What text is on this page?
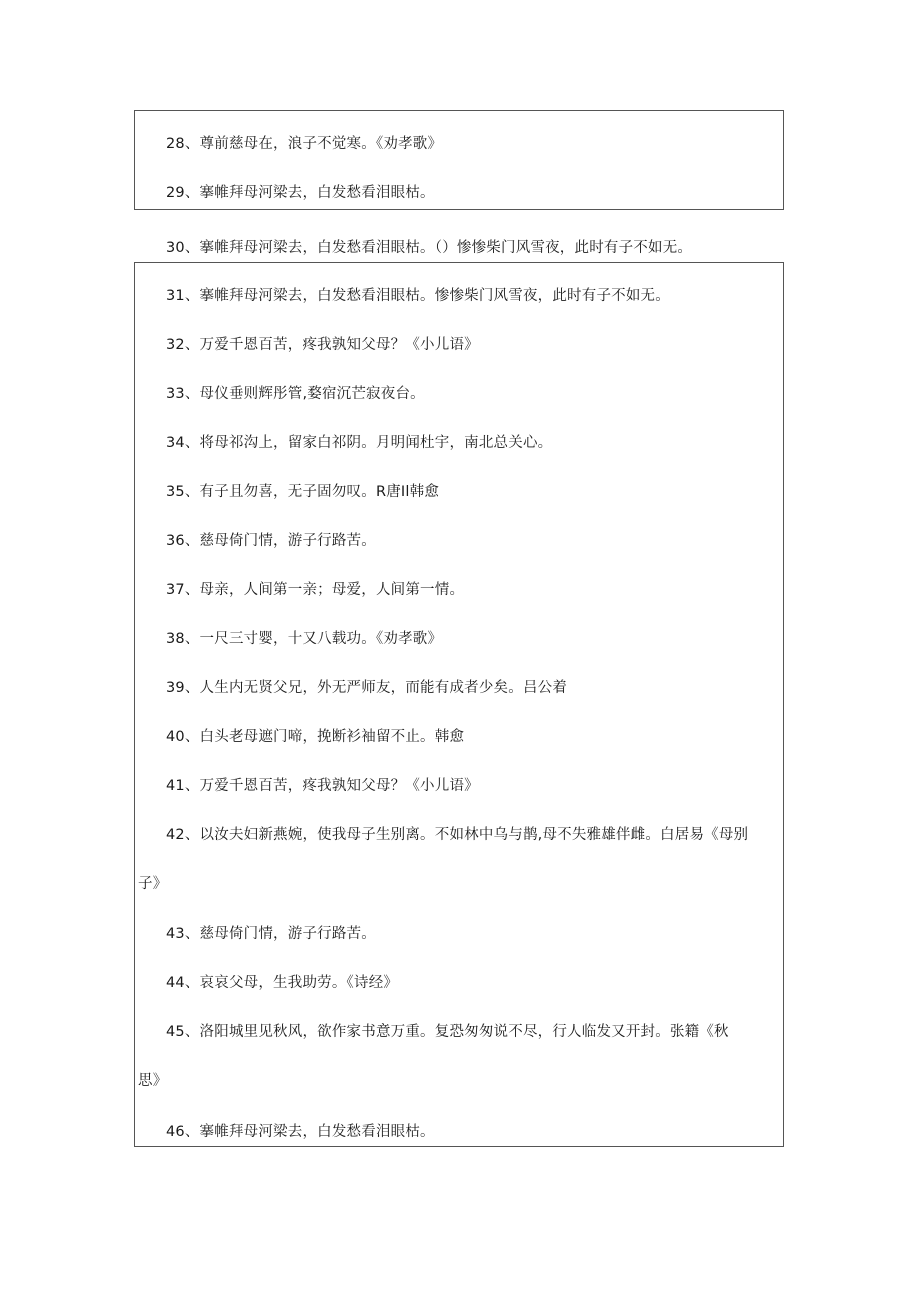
28、尊前慈母在，浪子不觉寒。《劝孝歌》
29、搴帷拜母河梁去，白发愁看泪眼枯。
30、搴帷拜母河梁去，白发愁看泪眼枯。（）惨惨柴门风雪夜，此时有子不如无。
31、搴帷拜母河梁去，白发愁看泪眼枯。惨惨柴门风雪夜，此时有子不如无。
32、万爱千恩百苦，疼我孰知父母？《小儿语》
33、母仪垂则辉彤管,婺宿沉芒寂夜台。
34、将母祁沟上，留家白祁阴。月明闻杜宇，南北总关心。
35、有子且勿喜，无子固勿叹。R唐Il韩愈
36、慈母倚门情，游子行路苦。
37、母亲，人间第一亲；母爱，人间第一情。
38、一尺三寸婴，十又八载功。《劝孝歌》
39、人生内无贤父兄，外无严师友，而能有成者少矣。吕公着
40、白头老母遮门啼，挽断衫袖留不止。韩愈
41、万爱千恩百苦，疼我孰知父母？《小儿语》
42、以汝夫妇新燕婉，使我母子生别离。不如林中乌与鹊,母不失雅雄伴雌。白居易《母别
子》
43、慈母倚门情，游子行路苦。
44、哀哀父母，生我助劳。《诗经》
45、洛阳城里见秋风，欲作家书意万重。复恐匆匆说不尽，行人临发又开封。张籍《秋
思》
46、搴帷拜母河梁去，白发愁看泪眼枯。
